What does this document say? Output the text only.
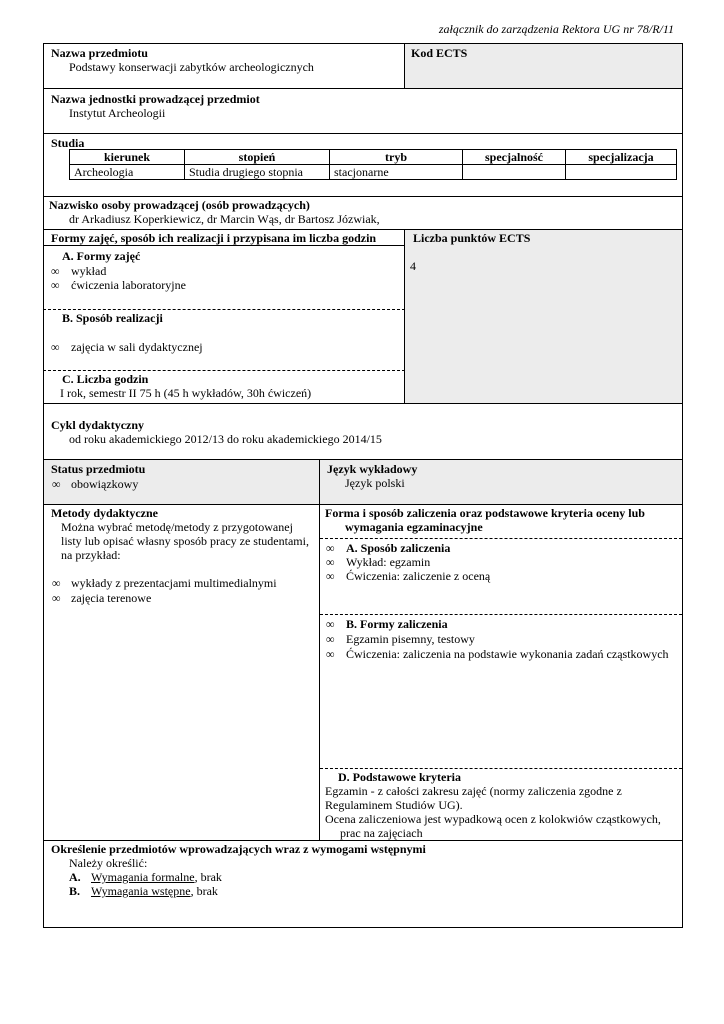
załącznik do zarządzenia Rektora UG nr 78/R/11
Nazwa przedmiotu
Podstawy konserwacji zabytków archeologicznych
Kod ECTS
Nazwa jednostki prowadzącej przedmiot
Instytut Archeologii
Studia
kierunek	stopień	tryb	specjalność	specjalizacja
Archeologia	Studia drugiego stopnia	stacjonarne		
Nazwisko osoby prowadzącej (osób prowadzących)
dr Arkadiusz Koperkiewicz, dr Marcin Wąs, dr Bartosz Józwiak,
Formy zajęć, sposób ich realizacji i przypisana im liczba godzin
A. Formy zajęć
∞ wykład
∞ ćwiczenia laboratoryjne
B. Sposób realizacji
∞ zajęcia w sali dydaktycznej
C. Liczba godzin
I rok, semestr II 75 h (45 h wykładów, 30h ćwiczeń)
Liczba punktów ECTS
4
Cykl dydaktyczny
od roku akademickiego 2012/13 do roku akademickiego 2014/15
Status przedmiotu
∞ obowiązkowy
Język wykładowy
Język polski
Metody dydaktyczne
Można wybrać metodę/metody z przygotowanej
listy lub opisać własny sposób pracy ze studentami,
na przykład:
∞ wykłady z prezentacjami multimedialnymi
∞ zajęcia terenowe
Forma i sposób zaliczenia oraz podstawowe kryteria oceny lub
wymagania egzaminacyjne
∞ A. Sposób zaliczenia
∞ Wykład: egzamin
∞ Ćwiczenia: zaliczenie z oceną
∞ B. Formy zaliczenia
∞ Egzamin pisemny, testowy
∞ Ćwiczenia: zaliczenia na podstawie wykonania zadań cząstkowych
D. Podstawowe kryteria
Egzamin - z całości zakresu zajęć (normy zaliczenia zgodne z
Regulaminem Studiów UG).
Ocena zaliczeniowa jest wypadkową ocen z kolokwiów cząstkowych,
prac na zajęciach
Określenie przedmiotów wprowadzających wraz z wymogami wstępnymi
Należy określić:
A. Wymagania formalne, brak
B. Wymagania wstępne, brak
